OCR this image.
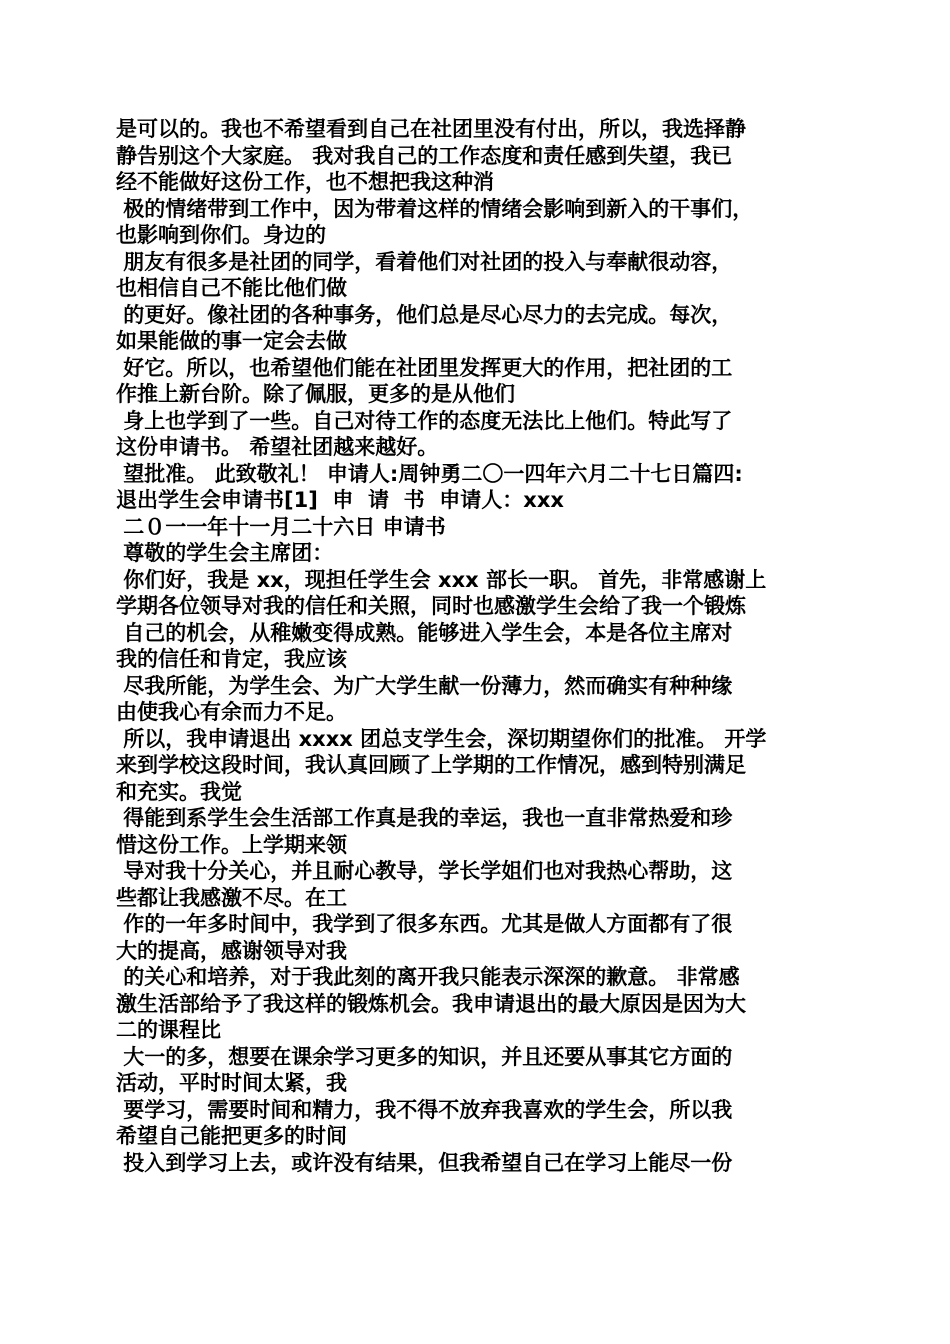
是可以的。我也不希望看到自己在社团里没有付出，所以，我选择静
静告别这个大家庭。 我对我自己的工作态度和责任感到失望，我已
经不能做好这份工作，也不想把我这种消
极的情绪带到工作中，因为带着这样的情绪会影响到新入的干事们，
也影响到你们。身边的
朋友有很多是社团的同学，看着他们对社团的投入与奉献很动容，
也相信自己不能比他们做
的更好。像社团的各种事务，他们总是尽心尽力的去完成。每次，
如果能做的事一定会去做
好它。所以，也希望他们能在社团里发挥更大的作用，把社团的工
作推上新台阶。除了佩服，更多的是从他们
身上也学到了一些。自己对待工作的态度无法比上他们。特此写了
这份申请书。 希望社团越来越好。
望批准。 此致敬礼！ 申请人:周钟勇二〇一四年六月二十七日篇四:
退出学生会申请书[1]  申  请  书  申请人：xxx
二０一一年十一月二十六日 申请书
尊敬的学生会主席团：
你们好，我是 xx，现担任学生会 xxx 部长一职。 首先，非常感谢上
学期各位领导对我的信任和关照，同时也感激学生会给了我一个锻炼
自己的机会，从稚嫩变得成熟。能够进入学生会，本是各位主席对
我的信任和肯定，我应该
尽我所能，为学生会、为广大学生献一份薄力，然而确实有种种缘
由使我心有余而力不足。
所以，我申请退出 xxxx 团总支学生会，深切期望你们的批准。 开学
来到学校这段时间，我认真回顾了上学期的工作情况，感到特别满足
和充实。我觉
得能到系学生会生活部工作真是我的幸运，我也一直非常热爱和珍
惜这份工作。上学期来领
导对我十分关心，并且耐心教导，学长学姐们也对我热心帮助，这
些都让我感激不尽。在工
作的一年多时间中，我学到了很多东西。尤其是做人方面都有了很
大的提高，感谢领导对我
的关心和培养，对于我此刻的离开我只能表示深深的歉意。 非常感
激生活部给予了我这样的锻炼机会。我申请退出的最大原因是因为大
二的课程比
大一的多，想要在课余学习更多的知识，并且还要从事其它方面的
活动，平时时间太紧，我
要学习，需要时间和精力，我不得不放弃我喜欢的学生会，所以我
希望自己能把更多的时间
投入到学习上去，或许没有结果，但我希望自己在学习上能尽一份
